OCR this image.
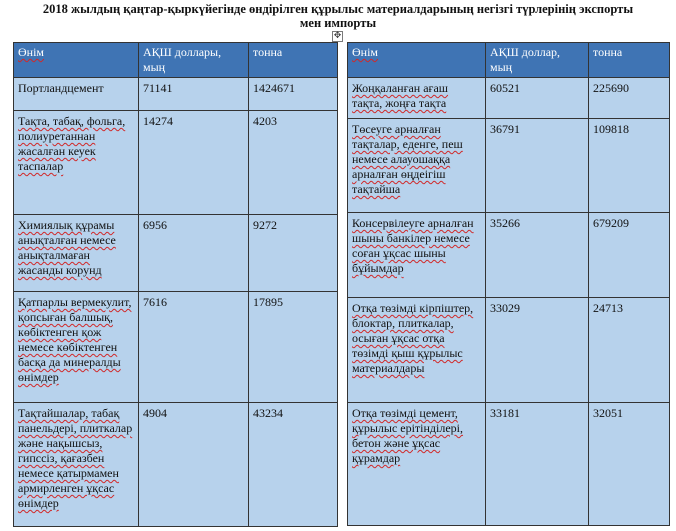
2018 жылдың қаңтар-қыркүйегінде өндірілген құрылыс материалдарының негізгі түрлерінің экспорты
мен импорты
✥
Өнім	АҚШ доллары, мың	тонна
Портландцемент	71141	1424671
Тақта, табақ, фольга, полиуретаннан жасалған кеуек таспалар	14274	4203
Химиялық құрамы анықталған немесе анықталмаған жасанды корунд	6956	9272
Қатпарлы вермекулит, қопсыған балшық, көбіктенген қож немесе көбіктенген басқа да минералды өнімдер	7616	17895
Тақтайшалар, табақ панельдері, плиткалар және нақышсыз, гипссіз, қағазбен немесе қатырмамен армирленген ұқсас өнімдер	4904	43234
Өнім	АҚШ доллар, мың	тонна
Жоңқаланған ағаш тақта, жоңға тақта	60521	225690
Төсеуге арналған тақталар, еденге, пеш немесе алауошаққа арналған өңдеігіш тақтайша	36791	109818
Консервілеуге арналған шыны банкілер немесе соған ұқсас шыны бұйымдар	35266	679209
Отқа төзімді кірпіштер, блоктар, плиткалар, осыған ұқсас отқа төзімді қыш құрылыс материалдары	33029	24713
Отқа төзімді цемент, құрылыс ерітінділері, бетон және ұқсас құрамдар	33181	32051
